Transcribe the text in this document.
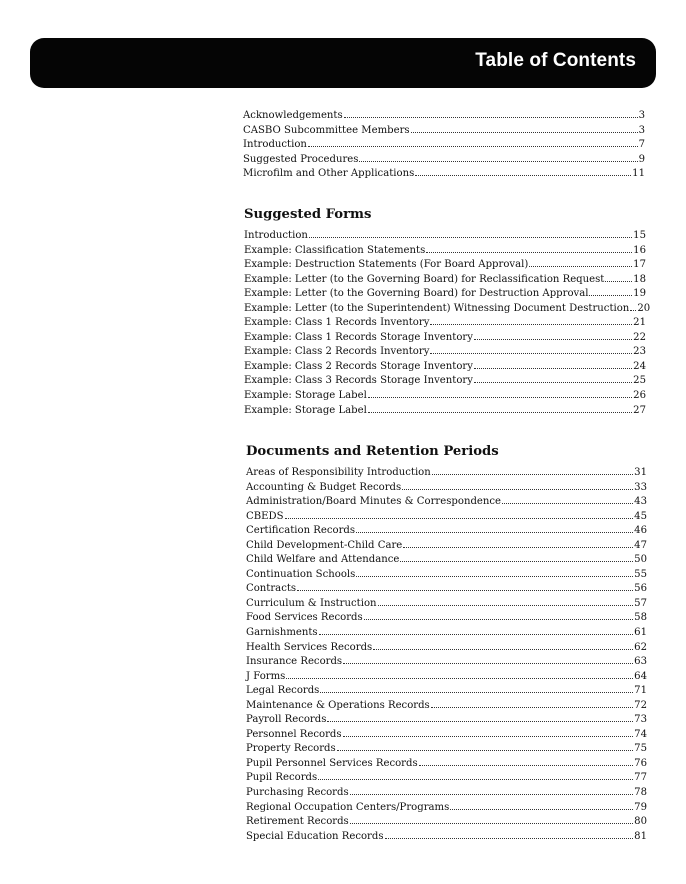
Table of Contents
Acknowledgements	3
CASBO Subcommittee Members	3
Introduction	7
Suggested Procedures	9
Microfilm and Other Applications	11
Suggested Forms
Introduction	15
Example: Classification Statements	16
Example: Destruction Statements (For Board Approval)	17
Example: Letter (to the Governing Board) for Reclassification Request	18
Example: Letter (to the Governing Board) for Destruction Approval	19
Example: Letter (to the Superintendent) Witnessing Document Destruction 20
Example: Class 1 Records Inventory	21
Example: Class 1 Records Storage Inventory	22
Example: Class 2 Records Inventory	23
Example: Class 2 Records Storage Inventory	24
Example: Class 3 Records Storage Inventory	25
Example: Storage Label	26
Example: Storage Label	27
Documents and Retention Periods
Areas of Responsibility Introduction	31
Accounting & Budget Records	33
Administration/Board Minutes & Correspondence	43
CBEDS	45
Certification Records	46
Child Development-Child Care	47
Child Welfare and Attendance	50
Continuation Schools	55
Contracts	56
Curriculum & Instruction	57
Food Services Records	58
Garnishments	61
Health Services Records	62
Insurance Records	63
J Forms	64
Legal Records	71
Maintenance & Operations Records	72
Payroll Records	73
Personnel Records	74
Property Records	75
Pupil Personnel Services Records	76
Pupil Records	77
Purchasing Records	78
Regional Occupation Centers/Programs	79
Retirement Records	80
Special Education Records	81
